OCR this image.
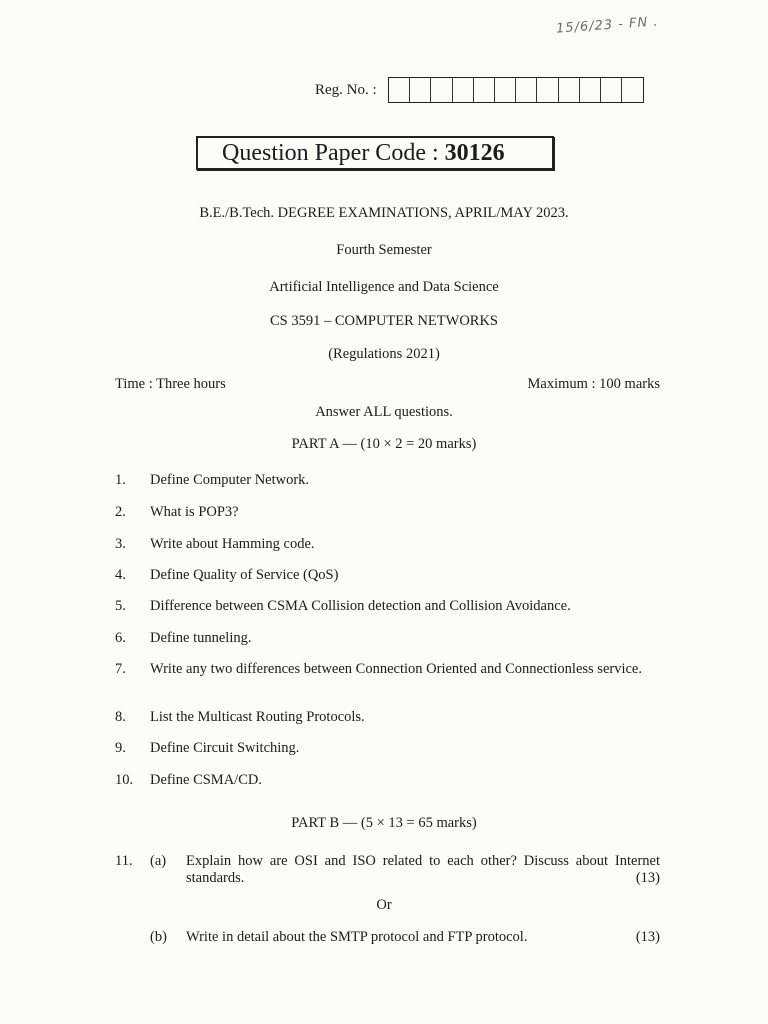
15/6/23 - FN .
Reg. No. :
Question Paper Code : 30126
B.E./B.Tech. DEGREE EXAMINATIONS, APRIL/MAY 2023.
Fourth Semester
Artificial Intelligence and Data Science
CS 3591 – COMPUTER NETWORKS
(Regulations 2021)
Time : Three hours	Maximum : 100 marks
Answer ALL questions.
PART A — (10 × 2 = 20 marks)
1.	Define Computer Network.
2.	What is POP3?
3.	Write about Hamming code.
4.	Define Quality of Service (QoS)
5.	Difference between CSMA Collision detection and Collision Avoidance.
6.	Define tunneling.
7.	Write any two differences between Connection Oriented and Connectionless service.
8.	List the Multicast Routing Protocols.
9.	Define Circuit Switching.
10.	Define CSMA/CD.
PART B — (5 × 13 = 65 marks)
11.	(a)	Explain how are OSI and ISO related to each other? Discuss about Internet standards.	(13)
Or
(b)	Write in detail about the SMTP protocol and FTP protocol.	(13)
